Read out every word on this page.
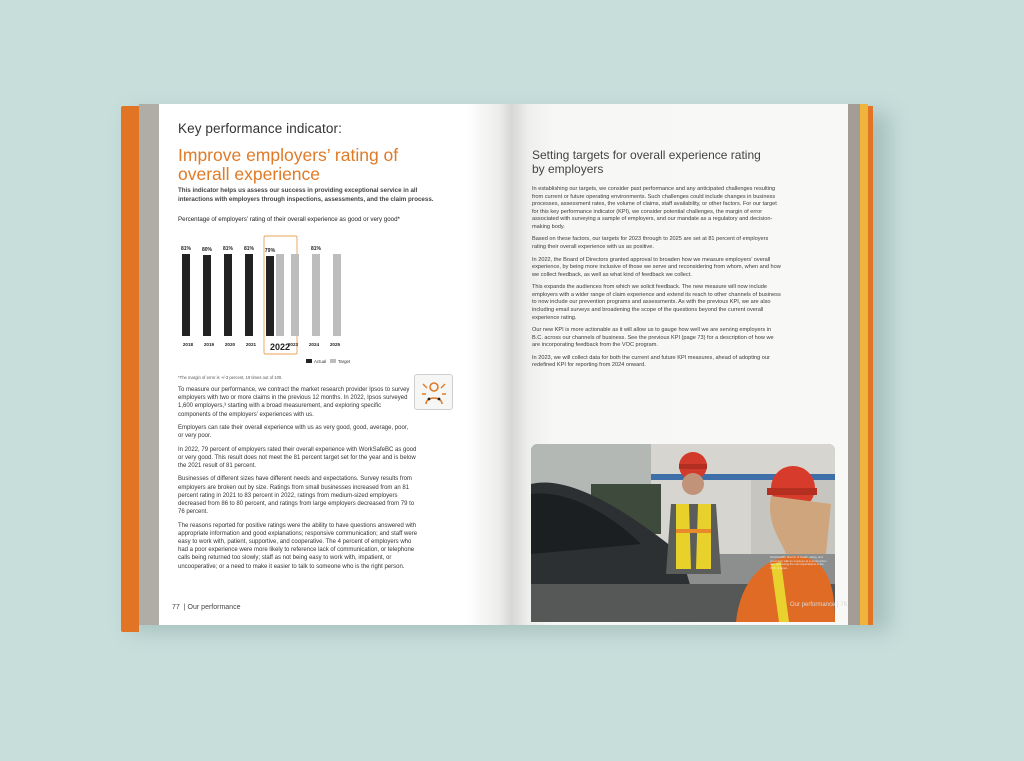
Key performance indicator:
Improve employers’ rating of overall experience
This indicator helps us assess our success in providing exceptional service in all interactions with employers through inspections, assessments, and the claim process.
Percentage of employers’ rating of their overall experience as good or very good*
81%
2018
80%
2019
81%
2020
81%
2021
79%
2022
2023
81%
2024 2025
Actual	Target
*The margin of error is +/-3 percent, 19 times out of 100.

To measure our performance, we contract the market research provider Ipsos to survey employers with two or more claims in the previous 12 months. In 2022, Ipsos surveyed 1,600 employers,³ starting with a broad measurement, and exploring specific components of the employers’ experiences with us.

Employers can rate their overall experience with us as very good, good, average, poor, or very poor.

In 2022, 79 percent of employers rated their overall experience with WorkSafeBC as good or very good. This result does not meet the 81 percent target set for the year and is below the 2021 result of 81 percent.

Businesses of different sizes have different needs and expectations. Survey results from employers are broken out by size. Ratings from small businesses increased from an 81 percent rating in 2021 to 83 percent in 2022, ratings from medium-sized employers decreased from 86 to 80 percent, and ratings from large employers decreased from 79 to 76 percent.

The reasons reported for positive ratings were the ability to have questions answered with appropriate information and good explanations; responsive communication; and staff were easy to work with, patient, supportive, and cooperative. The 4 percent of employers who had a poor experience were more likely to reference lack of communication, or telephone calls being returned too slowly; staff as not being easy to work with, impatient, or uncooperative; or a need to make it easier to talk to someone who is the right person.

77 | Our performance
Setting targets for overall experience rating by employers

In establishing our targets, we consider past performance and any anticipated challenges resulting from current or future operating environments. Such challenges could include changes in business processes, assessment rates, the volume of claims, staff availability, or other factors. For our target for this key performance indicator (KPI), we consider potential challenges, the margin of error associated with surveying a sample of employers, and our mandate as a regulatory and decision-making body.

Based on these factors, our targets for 2023 through to 2025 are set at 81 percent of employers rating their overall experience with us as positive.

In 2022, the Board of Directors granted approval to broaden how we measure employers’ overall experience, by being more inclusive of those we serve and reconsidering from whom, when and how we collect feedback, as well as what kind of feedback we collect.

This expands the audiences from which we solicit feedback. The new measure will now include employers with a wider range of claim experience and extend its reach to other channels of business to now include our prevention programs and assessments. As with the previous KPI, we are also including email surveys and broadening the scope of the questions beyond the current overall experience rating.

Our new KPI is more actionable as it will allow us to gauge how well we are serving employers in B.C. across our channels of business. See the previous KPI (page 73) for a description of how we are incorporating feedback from the VOC program.

In 2023, we will collect data for both the current and future KPI measures, ahead of adopting our redefined KPI for reporting from 2024 onward.

WorkSafeBC director of health, safety, and prevention with an employer at a construction site, discussing the new expectations of the VOC program.
Our performance | 78
